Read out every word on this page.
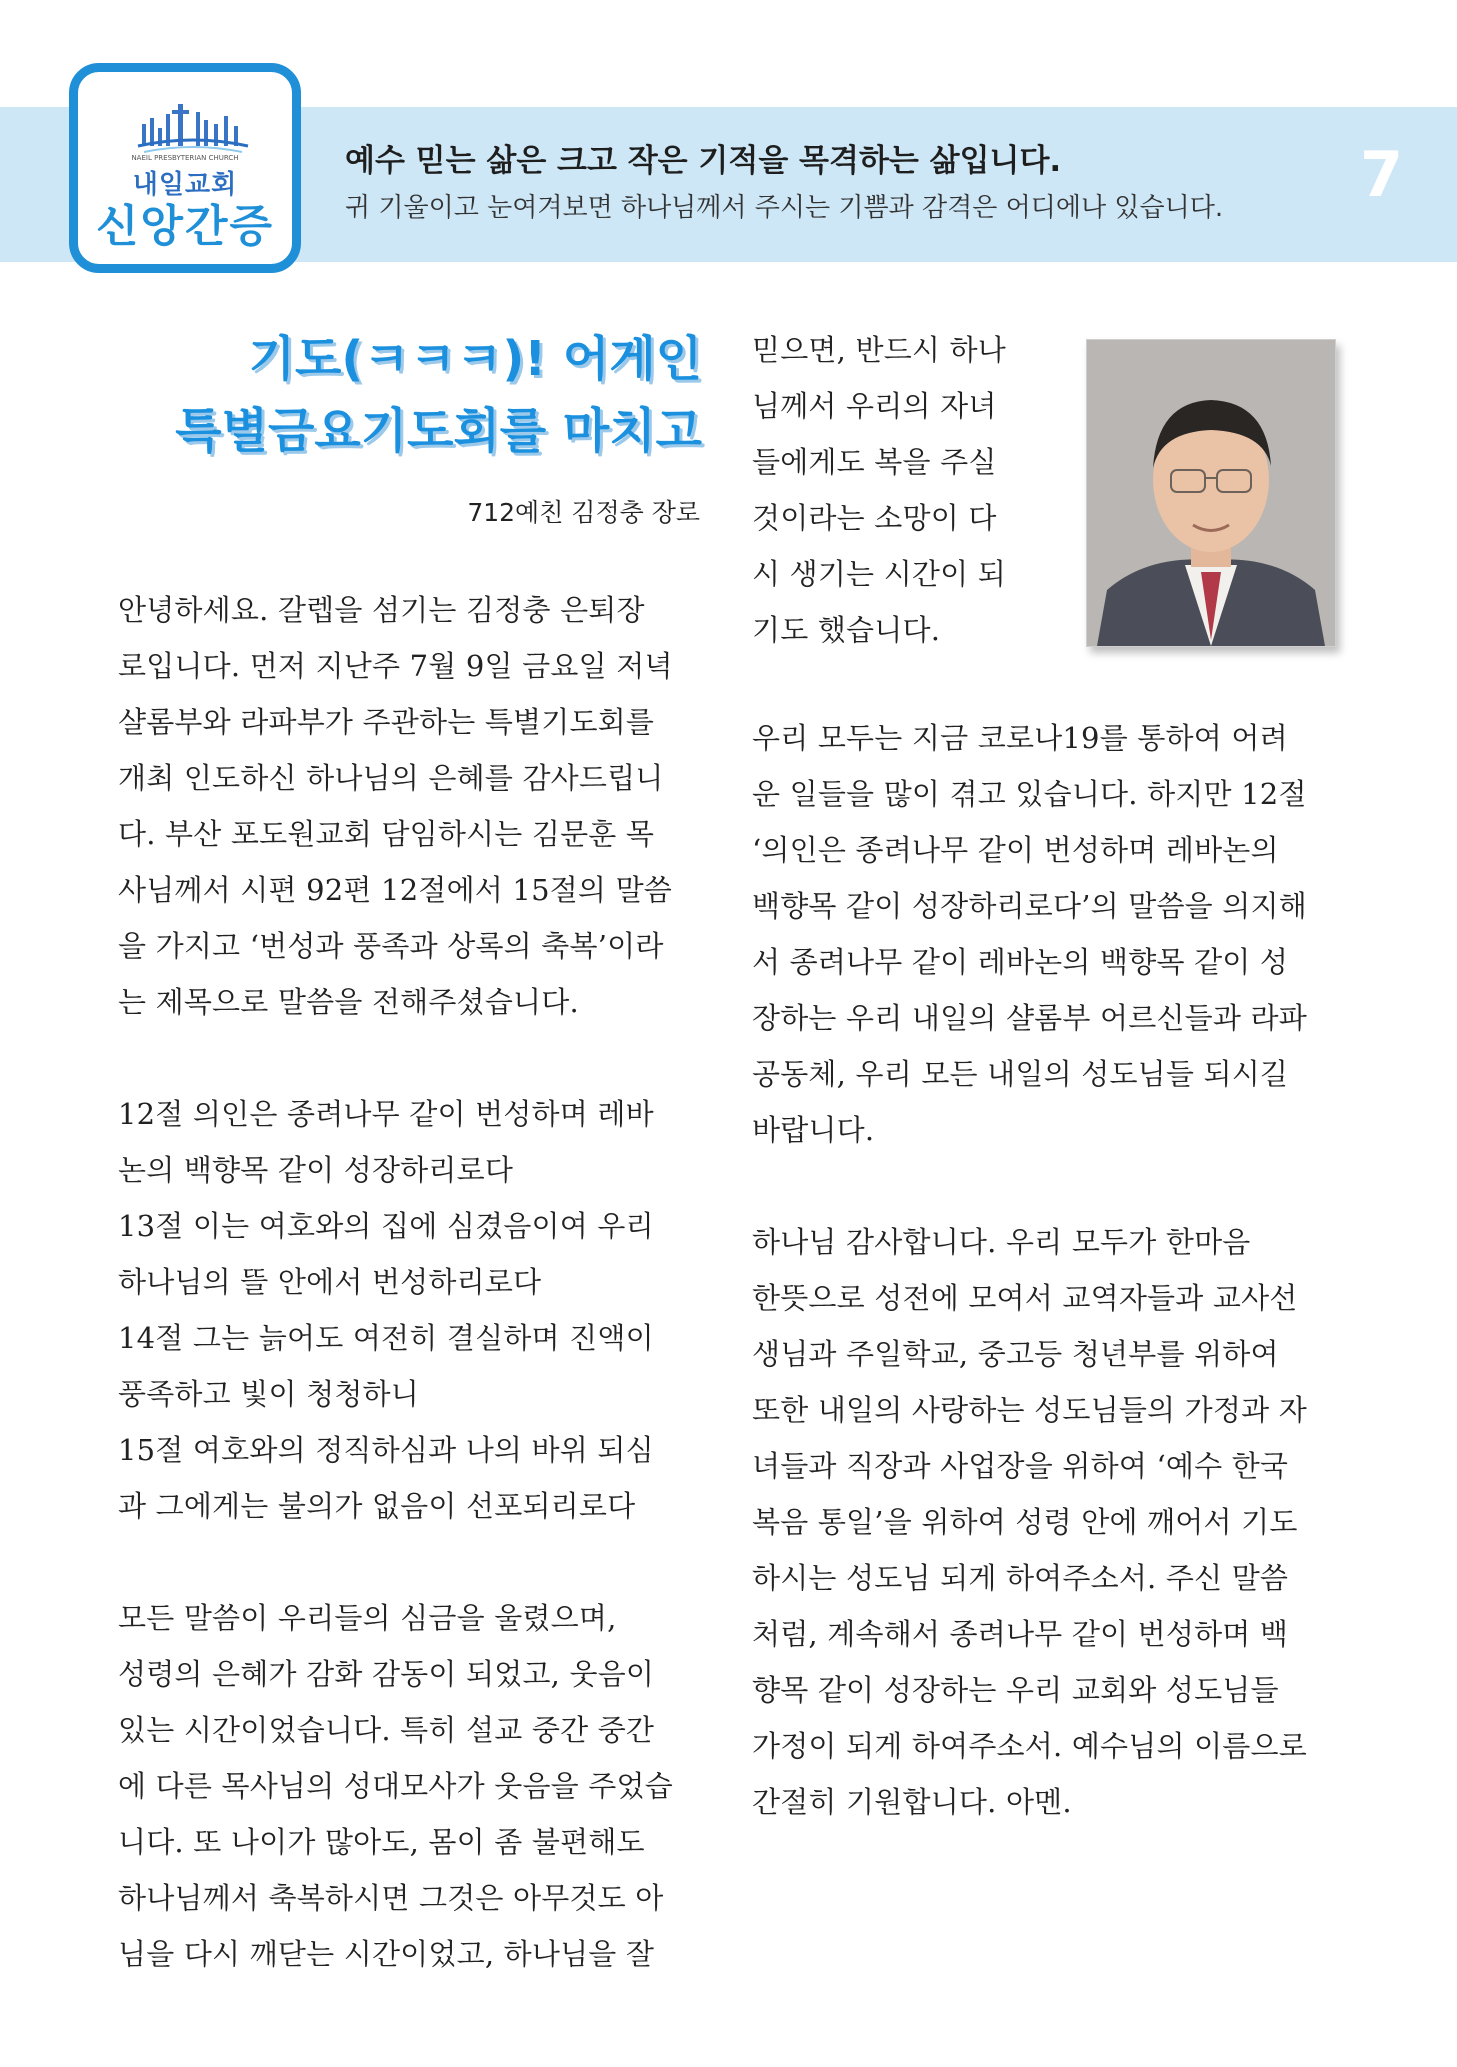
NAEIL PRESBYTERIAN CHURCH
내일교회
신앙간증
예수 믿는 삶은 크고 작은 기적을 목격하는 삶입니다.
귀 기울이고 눈여겨보면 하나님께서 주시는 기쁨과 감격은 어디에나 있습니다. 7
기도(ㅋㅋㅋ)! 어게인
특별금요기도회를 마치고
712예친 김정충 장로

안녕하세요. 갈렙을 섬기는 김정충 은퇴장

로입니다. 먼저 지난주 7월 9일 금요일 저녁

샬롬부와 라파부가 주관하는 특별기도회를

개최 인도하신 하나님의 은혜를 감사드립니

다. 부산 포도원교회 담임하시는 김문훈 목

사님께서 시편 92편 12절에서 15절의 말씀

을 가지고 ‘번성과 풍족과 상록의 축복’이라

는 제목으로 말씀을 전해주셨습니다.

12절 의인은 종려나무 같이 번성하며 레바

논의 백향목 같이 성장하리로다

13절 이는 여호와의 집에 심겼음이여 우리

하나님의 뜰 안에서 번성하리로다

14절 그는 늙어도 여전히 결실하며 진액이

풍족하고 빛이 청청하니

15절 여호와의 정직하심과 나의 바위 되심

과 그에게는 불의가 없음이 선포되리로다

모든 말씀이 우리들의 심금을 울렸으며,

성령의 은혜가 감화 감동이 되었고, 웃음이

있는 시간이었습니다. 특히 설교 중간 중간

에 다른 목사님의 성대모사가 웃음을 주었습

니다. 또 나이가 많아도, 몸이 좀 불편해도

하나님께서 축복하시면 그것은 아무것도 아

님을 다시 깨닫는 시간이었고, 하나님을 잘

믿으면, 반드시 하나

님께서 우리의 자녀

들에게도 복을 주실

것이라는 소망이 다

시 생기는 시간이 되

기도 했습니다.

우리 모두는 지금 코로나19를 통하여 어려

운 일들을 많이 겪고 있습니다. 하지만 12절

‘의인은 종려나무 같이 번성하며 레바논의

백향목 같이 성장하리로다’의 말씀을 의지해

서 종려나무 같이 레바논의 백향목 같이 성

장하는 우리 내일의 샬롬부 어르신들과 라파

공동체, 우리 모든 내일의 성도님들 되시길

바랍니다.

하나님 감사합니다. 우리 모두가 한마음

한뜻으로 성전에 모여서 교역자들과 교사선

생님과 주일학교, 중고등 청년부를 위하여

또한 내일의 사랑하는 성도님들의 가정과 자

녀들과 직장과 사업장을 위하여 ‘예수 한국

복음 통일’을 위하여 성령 안에 깨어서 기도

하시는 성도님 되게 하여주소서. 주신 말씀

처럼, 계속해서 종려나무 같이 번성하며 백

향목 같이 성장하는 우리 교회와 성도님들

가정이 되게 하여주소서. 예수님의 이름으로

간절히 기원합니다. 아멘.
